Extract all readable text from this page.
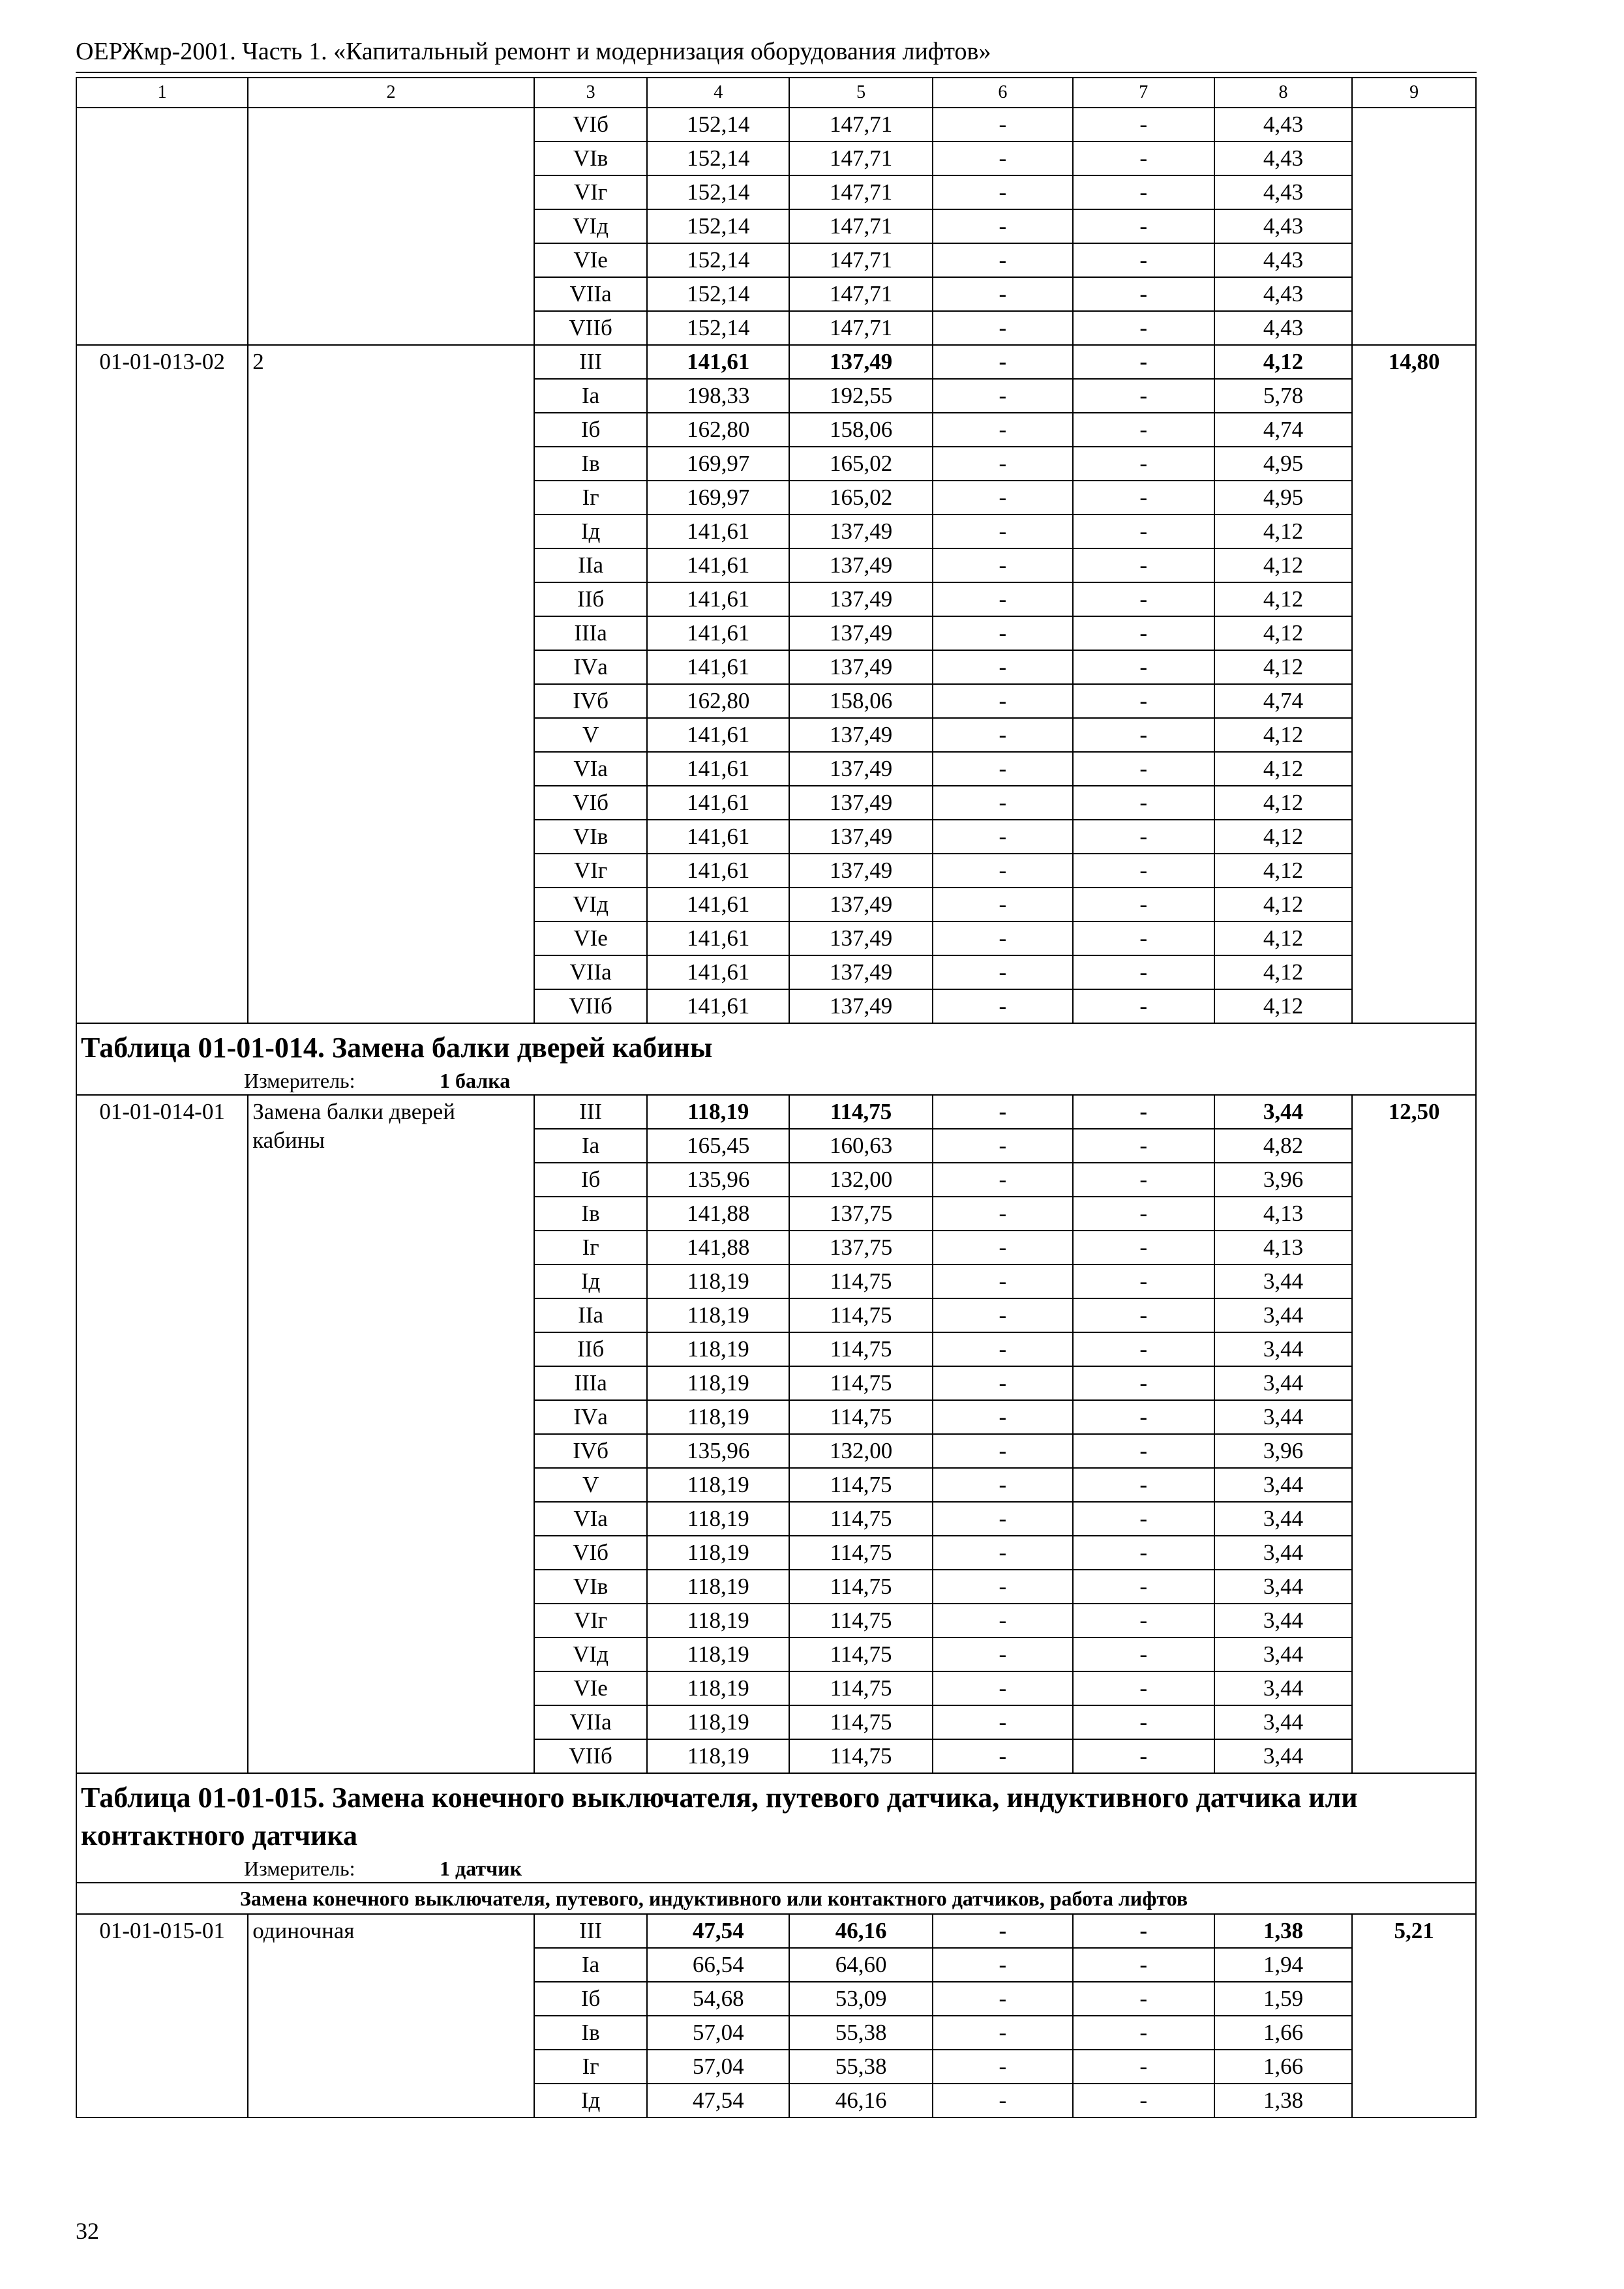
ОЕРЖмр-2001. Часть 1. «Капитальный ремонт и модернизация оборудования лифтов»
1	2	3	4	5	6	7	8	9
		VIб	152,14	147,71	-	-	4,43	
		VIв	152,14	147,71	-	-	4,43	
		VIг	152,14	147,71	-	-	4,43	
		VIд	152,14	147,71	-	-	4,43	
		VIе	152,14	147,71	-	-	4,43	
		VIIа	152,14	147,71	-	-	4,43	
		VIIб	152,14	147,71	-	-	4,43	
01-01-013-02	2	III	141,61	137,49	-	-	4,12	14,80
		Iа	198,33	192,55	-	-	5,78	
		Iб	162,80	158,06	-	-	4,74	
		Iв	169,97	165,02	-	-	4,95	
		Iг	169,97	165,02	-	-	4,95	
		Iд	141,61	137,49	-	-	4,12	
		IIа	141,61	137,49	-	-	4,12	
		IIб	141,61	137,49	-	-	4,12	
		IIIа	141,61	137,49	-	-	4,12	
		IVа	141,61	137,49	-	-	4,12	
		IVб	162,80	158,06	-	-	4,74	
		V	141,61	137,49	-	-	4,12	
		VIа	141,61	137,49	-	-	4,12	
		VIб	141,61	137,49	-	-	4,12	
		VIв	141,61	137,49	-	-	4,12	
		VIг	141,61	137,49	-	-	4,12	
		VIд	141,61	137,49	-	-	4,12	
		VIе	141,61	137,49	-	-	4,12	
		VIIа	141,61	137,49	-	-	4,12	
		VIIб	141,61	137,49	-	-	4,12	
Таблица 01-01-014. Замена балки дверей кабины								
Измеритель: 1 балка								
01-01-014-01	Замена балки дверей кабины	III	118,19	114,75	-	-	3,44	12,50
		Iа	165,45	160,63	-	-	4,82	
		Iб	135,96	132,00	-	-	3,96	
		Iв	141,88	137,75	-	-	4,13	
		Iг	141,88	137,75	-	-	4,13	
		Iд	118,19	114,75	-	-	3,44	
		IIа	118,19	114,75	-	-	3,44	
		IIб	118,19	114,75	-	-	3,44	
		IIIа	118,19	114,75	-	-	3,44	
		IVа	118,19	114,75	-	-	3,44	
		IVб	135,96	132,00	-	-	3,96	
		V	118,19	114,75	-	-	3,44	
		VIа	118,19	114,75	-	-	3,44	
		VIб	118,19	114,75	-	-	3,44	
		VIв	118,19	114,75	-	-	3,44	
		VIг	118,19	114,75	-	-	3,44	
		VIд	118,19	114,75	-	-	3,44	
		VIе	118,19	114,75	-	-	3,44	
		VIIа	118,19	114,75	-	-	3,44	
		VIIб	118,19	114,75	-	-	3,44	
Таблица 01-01-015. Замена конечного выключателя, путевого датчика, индуктивного датчика или контактного датчика								
Измеритель: 1 датчик								
Замена конечного выключателя, путевого, индуктивного или контактного датчиков, работа лифтов								
01-01-015-01	одиночная	III	47,54	46,16	-	-	1,38	5,21
		Iа	66,54	64,60	-	-	1,94	
		Iб	54,68	53,09	-	-	1,59	
		Iв	57,04	55,38	-	-	1,66	
		Iг	57,04	55,38	-	-	1,66	
		Iд	47,54	46,16	-	-	1,38	
32
